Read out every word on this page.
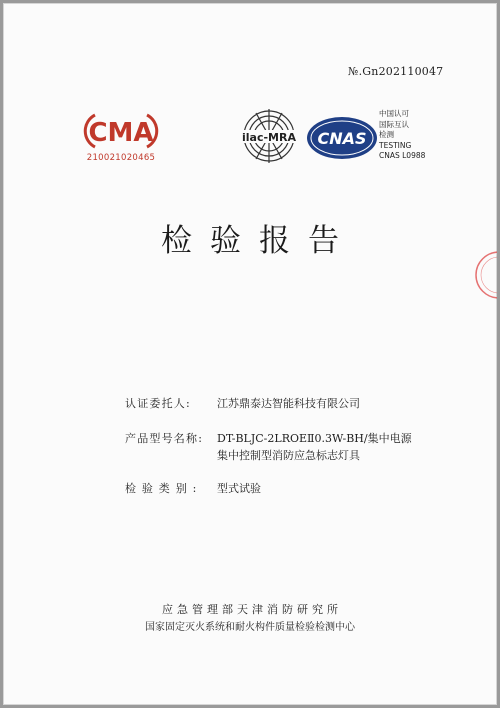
№.Gn202110047
CMA
210021020465
ilac-MRA CNAS
中国认可
国际互认
检测
TESTING
CNAS L0988
检验报告
认证委托人: 江苏鼎泰达智能科技有限公司
产品型号名称: DT-BLJC-2LROEⅡ0.3W-BH/集中电源
集中控制型消防应急标志灯具
检 验 类 别 : 型式试验
应急管理部天津消防研究所
国家固定灭火系统和耐火构件质量检验检测中心
